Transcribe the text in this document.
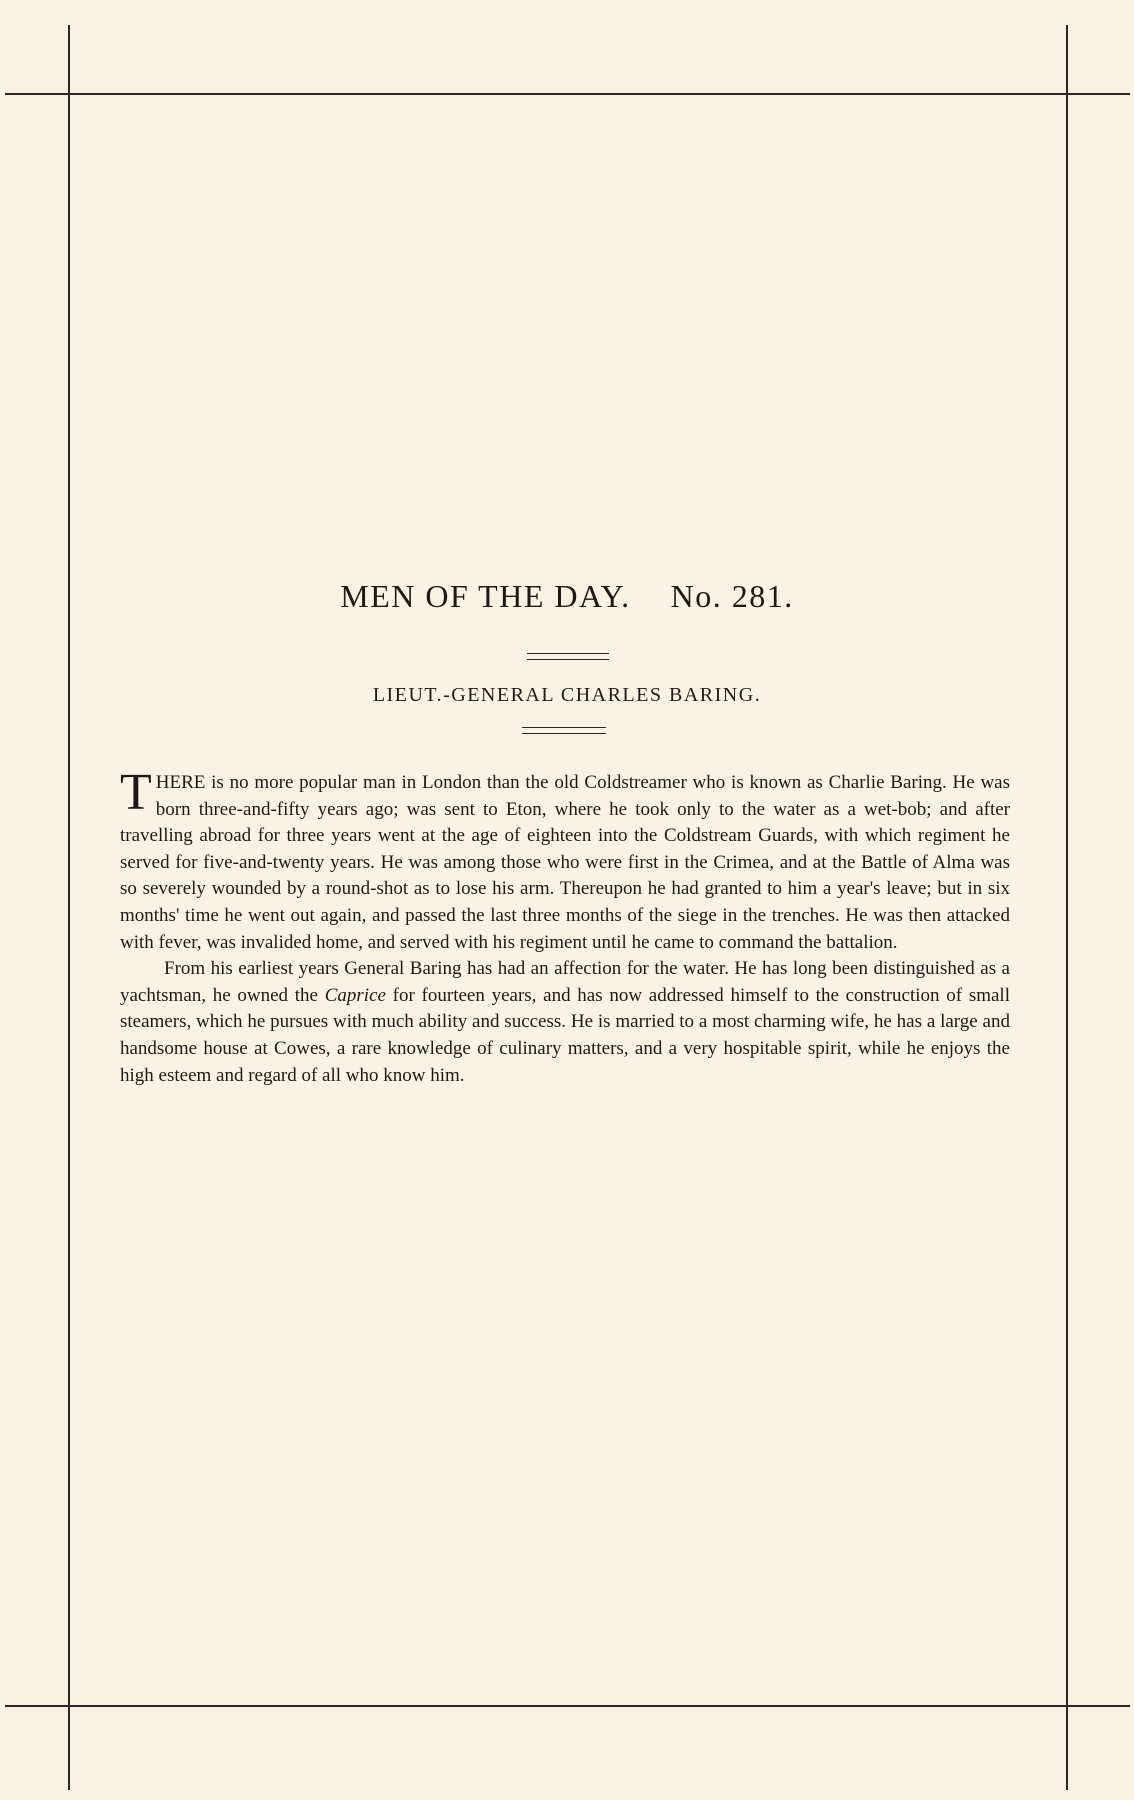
MEN OF THE DAY. No. 281.
LIEUT.-GENERAL CHARLES BARING.

THERE is no more popular man in London than the old Coldstreamer who is known as Charlie Baring. He was born three-and-fifty years ago; was sent to Eton, where he took only to the water as a wet-bob; and after travelling abroad for three years went at the age of eighteen into the Coldstream Guards, with which regiment he served for five-and-twenty years. He was among those who were first in the Crimea, and at the Battle of Alma was so severely wounded by a round-shot as to lose his arm. Thereupon he had granted to him a year's leave; but in six months' time he went out again, and passed the last three months of the siege in the trenches. He was then attacked with fever, was invalided home, and served with his regiment until he came to command the battalion.

From his earliest years General Baring has had an affection for the water. He has long been distinguished as a yachtsman, he owned the Caprice for fourteen years, and has now addressed himself to the construction of small steamers, which he pursues with much ability and success. He is married to a most charming wife, he has a large and handsome house at Cowes, a rare knowledge of culinary matters, and a very hospitable spirit, while he enjoys the high esteem and regard of all who know him.
